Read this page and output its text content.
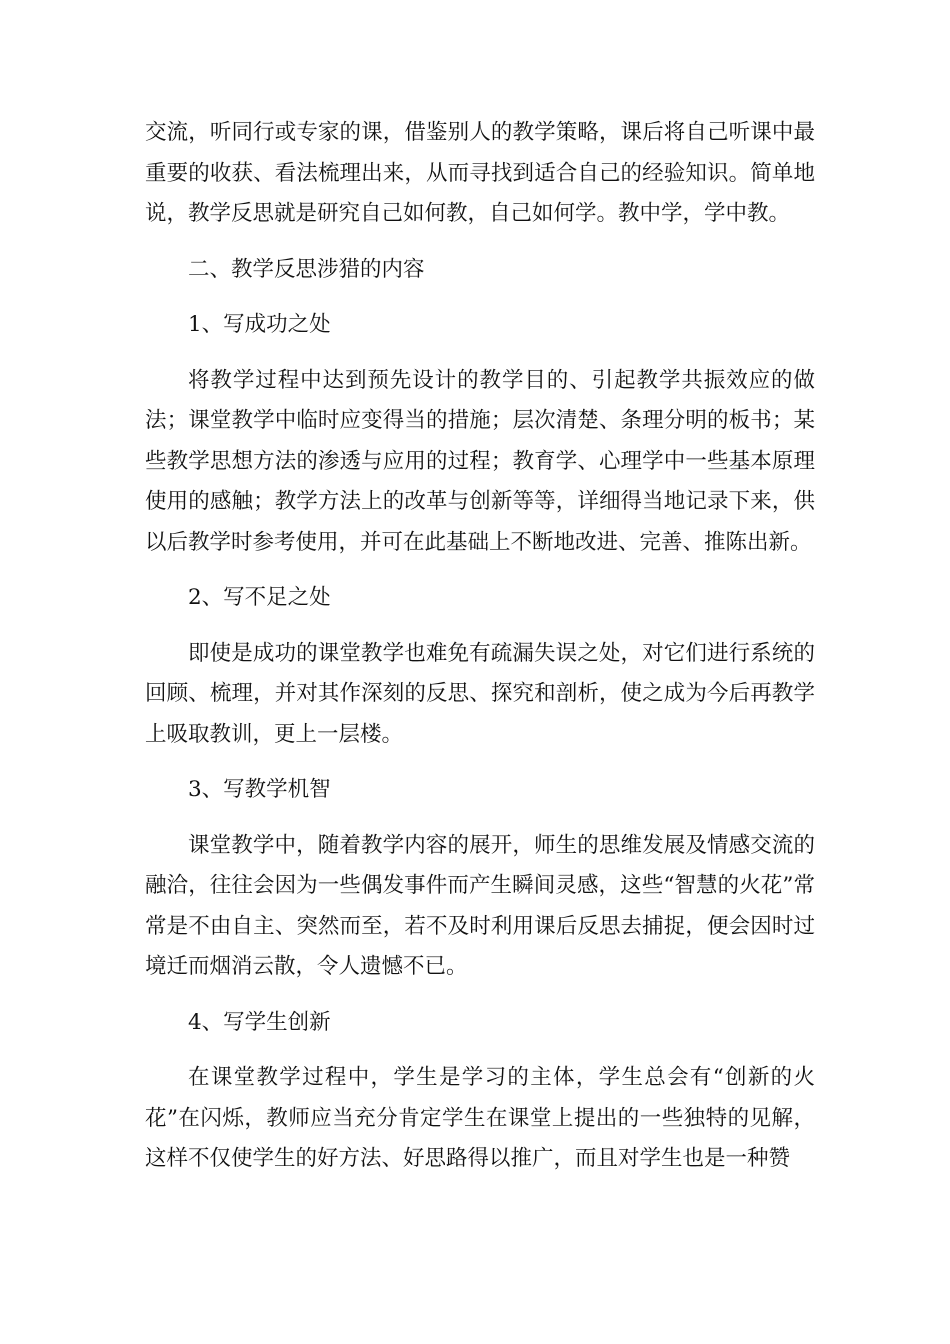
交流，听同行或专家的课，借鉴别人的教学策略，课后将自己听课中最重要的收获、看法梳理出来，从而寻找到适合自己的经验知识。简单地说，教学反思就是研究自己如何教，自己如何学。教中学，学中教。

二、教学反思涉猎的内容

1、写成功之处

将教学过程中达到预先设计的教学目的、引起教学共振效应的做法；课堂教学中临时应变得当的措施；层次清楚、条理分明的板书；某些教学思想方法的渗透与应用的过程；教育学、心理学中一些基本原理使用的感触；教学方法上的改革与创新等等，详细得当地记录下来，供以后教学时参考使用，并可在此基础上不断地改进、完善、推陈出新。

2、写不足之处

即使是成功的课堂教学也难免有疏漏失误之处，对它们进行系统的回顾、梳理，并对其作深刻的反思、探究和剖析，使之成为今后再教学上吸取教训，更上一层楼。

3、写教学机智

课堂教学中，随着教学内容的展开，师生的思维发展及情感交流的融洽，往往会因为一些偶发事件而产生瞬间灵感，这些“智慧的火花”常常是不由自主、突然而至，若不及时利用课后反思去捕捉，便会因时过境迁而烟消云散，令人遗憾不已。

4、写学生创新

在课堂教学过程中，学生是学习的主体，学生总会有“创新的火花”在闪烁，教师应当充分肯定学生在课堂上提出的一些独特的见解，这样不仅使学生的好方法、好思路得以推广，而且对学生也是一种赞
